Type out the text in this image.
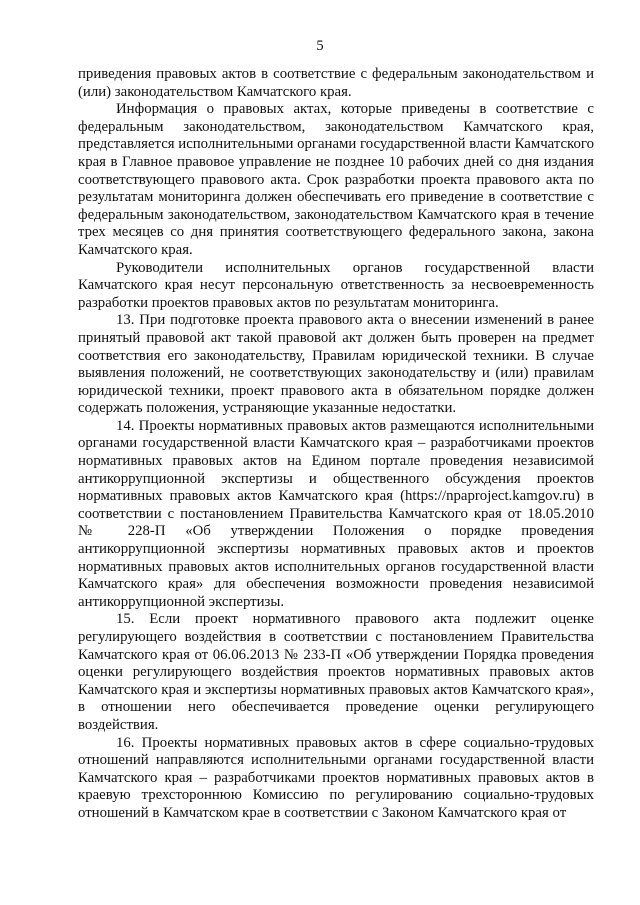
5

приведения правовых актов в соответствие с федеральным законодательством и (или) законодательством Камчатского края.

Информация о правовых актах, которые приведены в соответствие с федеральным законодательством, законодательством Камчатского края, представляется исполнительными органами государственной власти Камчатского края в Главное правовое управление не позднее 10 рабочих дней со дня издания соответствующего правового акта. Срок разработки проекта правового акта по результатам мониторинга должен обеспечивать его приведение в соответствие с федеральным законодательством, законодательством Камчатского края в течение трех месяцев со дня принятия соответствующего федерального закона, закона Камчатского края.

Руководители исполнительных органов государственной власти Камчатского края несут персональную ответственность за несвоевременность разработки проектов правовых актов по результатам мониторинга.

13. При подготовке проекта правового акта о внесении изменений в ранее принятый правовой акт такой правовой акт должен быть проверен на предмет соответствия его законодательству, Правилам юридической техники. В случае выявления положений, не соответствующих законодательству и (или) правилам юридической техники, проект правового акта в обязательном порядке должен содержать положения, устраняющие указанные недостатки.

14. Проекты нормативных правовых актов размещаются исполнительными органами государственной власти Камчатского края – разработчиками проектов нормативных правовых актов на Едином портале проведения независимой антикоррупционной экспертизы и общественного обсуждения проектов нормативных правовых актов Камчатского края (https://npaproject.kamgov.ru) в соответствии с постановлением Правительства Камчатского края от 18.05.2010 № 228-П «Об утверждении Положения о порядке проведения антикоррупционной экспертизы нормативных правовых актов и проектов нормативных правовых актов исполнительных органов государственной власти Камчатского края» для обеспечения возможности проведения независимой антикоррупционной экспертизы.

15. Если проект нормативного правового акта подлежит оценке регулирующего воздействия в соответствии с постановлением Правительства Камчатского края от 06.06.2013 № 233-П «Об утверждении Порядка проведения оценки регулирующего воздействия проектов нормативных правовых актов Камчатского края и экспертизы нормативных правовых актов Камчатского края», в отношении него обеспечивается проведение оценки регулирующего воздействия.

16. Проекты нормативных правовых актов в сфере социально-трудовых отношений направляются исполнительными органами государственной власти Камчатского края – разработчиками проектов нормативных правовых актов в краевую трехстороннюю Комиссию по регулированию социально-трудовых отношений в Камчатском крае в соответствии с Законом Камчатского края от
